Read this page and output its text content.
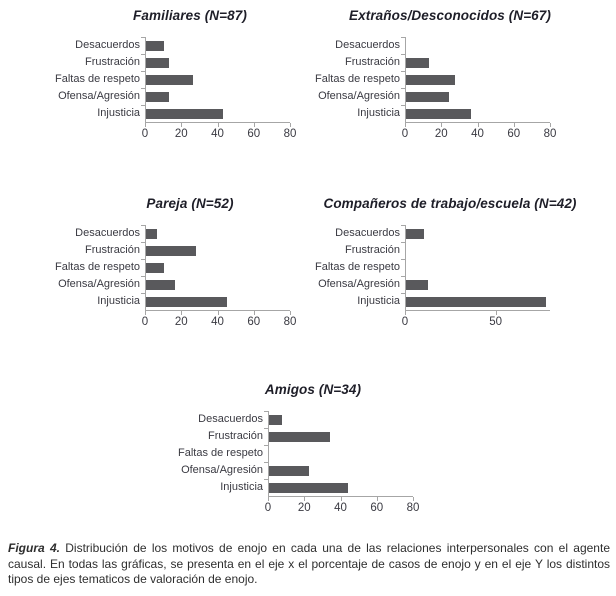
Familiares (N=87)
Desacuerdos
Frustración
Faltas de respeto
Ofensa/Agresión
Injusticia
0 20 40 60 80
Extraños/Desconocidos (N=67)
Desacuerdos
Frustración
Faltas de respeto
Ofensa/Agresión
Injusticia
0 20 40 60 80
Pareja (N=52)
Desacuerdos
Frustración
Faltas de respeto
Ofensa/Agresión
Injusticia
0 20 40 60 80
Compañeros de trabajo/escuela (N=42)
Desacuerdos
Frustración
Faltas de respeto
Ofensa/Agresión
Injusticia
0	50
Amigos (N=34)
Desacuerdos
Frustración
Faltas de respeto
Ofensa/Agresión
Injusticia
0 20 40 60 80

Figura 4. Distribución de los motivos de enojo en cada una de las relaciones interpersonales con el agente causal. En todas las gráficas, se presenta en el eje x el porcentaje de casos de enojo y en el eje Y los distintos tipos de ejes tematicos de valoración de enojo.
